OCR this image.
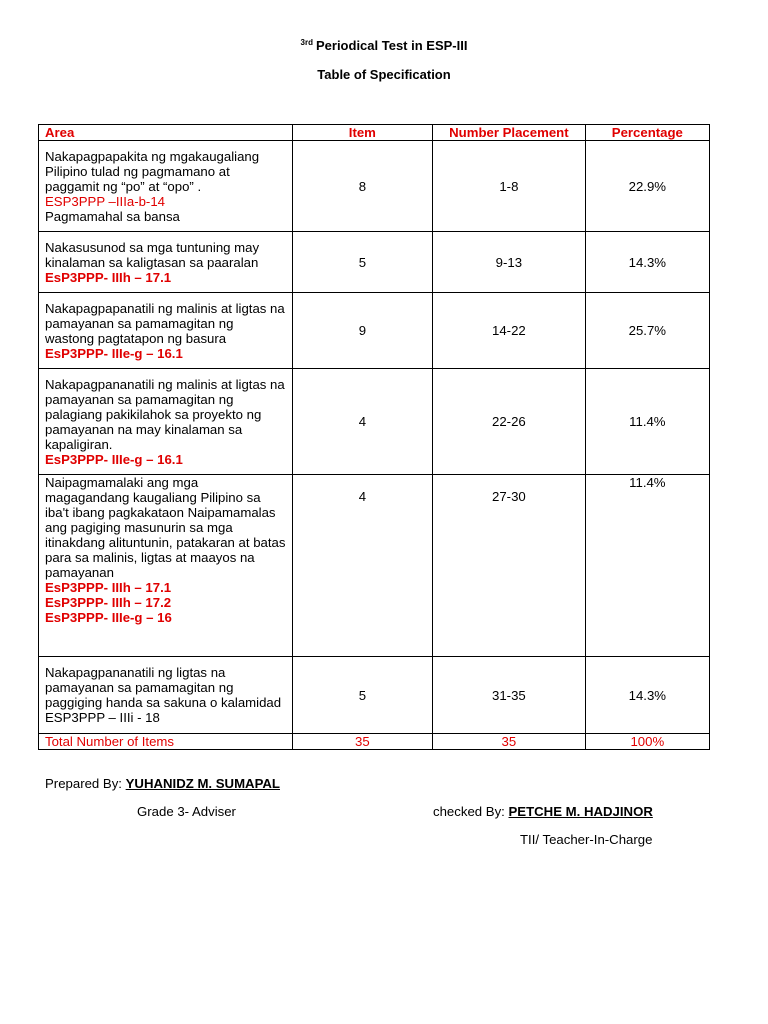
$^{3rd}$ Periodical Test in ESP-III
Table of Specification
Area	Item	Number Placement	Percentage

Nakapagpapakita ng mgakaugaliang Pilipino tulad ng pagmamano at paggamit ng “po” at “opo” .
ESP3PPP –IIIa-b-14
Pagmamahal sa bansa	8	1-8	22.9%

Nakasusunod sa mga tuntuning may kinalaman sa kaligtasan sa paaralan
EsP3PPP- IIIh – 17.1	5	9-13	14.3%

Nakapagpapanatili ng malinis at ligtas na pamayanan sa pamamagitan ng wastong pagtatapon ng basura
EsP3PPP- IIIe-g – 16.1	9	14-22	25.7%

Nakapagpananatili ng malinis at ligtas na pamayanan sa pamamagitan ng palagiang pakikilahok sa proyekto ng pamayanan na may kinalaman sa kapaligiran.
EsP3PPP- IIIe-g – 16.1	4	22-26	11.4%

Naipagmamalaki ang mga magagandang kaugaliang Pilipino sa iba't ibang pagkakataon Naipamamalas ang pagiging masunurin sa mga itinakdang alituntunin, patakaran at batas para sa malinis, ligtas at maayos na pamayanan
EsP3PPP- IIIh – 17.1
EsP3PPP- IIIh – 17.2
EsP3PPP- IIIe-g – 16	4	27-30	11.4%

Nakapagpananatili ng ligtas na pamayanan sa pamamagitan ng paggiging handa sa sakuna o kalamidad
ESP3PPP – IIIi - 18	5	31-35	14.3%
Total Number of Items	35	35	100%
Prepared By: YUHANIDZ M. SUMAPAL
Grade 3- Adviser	checked By: PETCHE M. HADJINOR
TII/ Teacher-In-Charge
